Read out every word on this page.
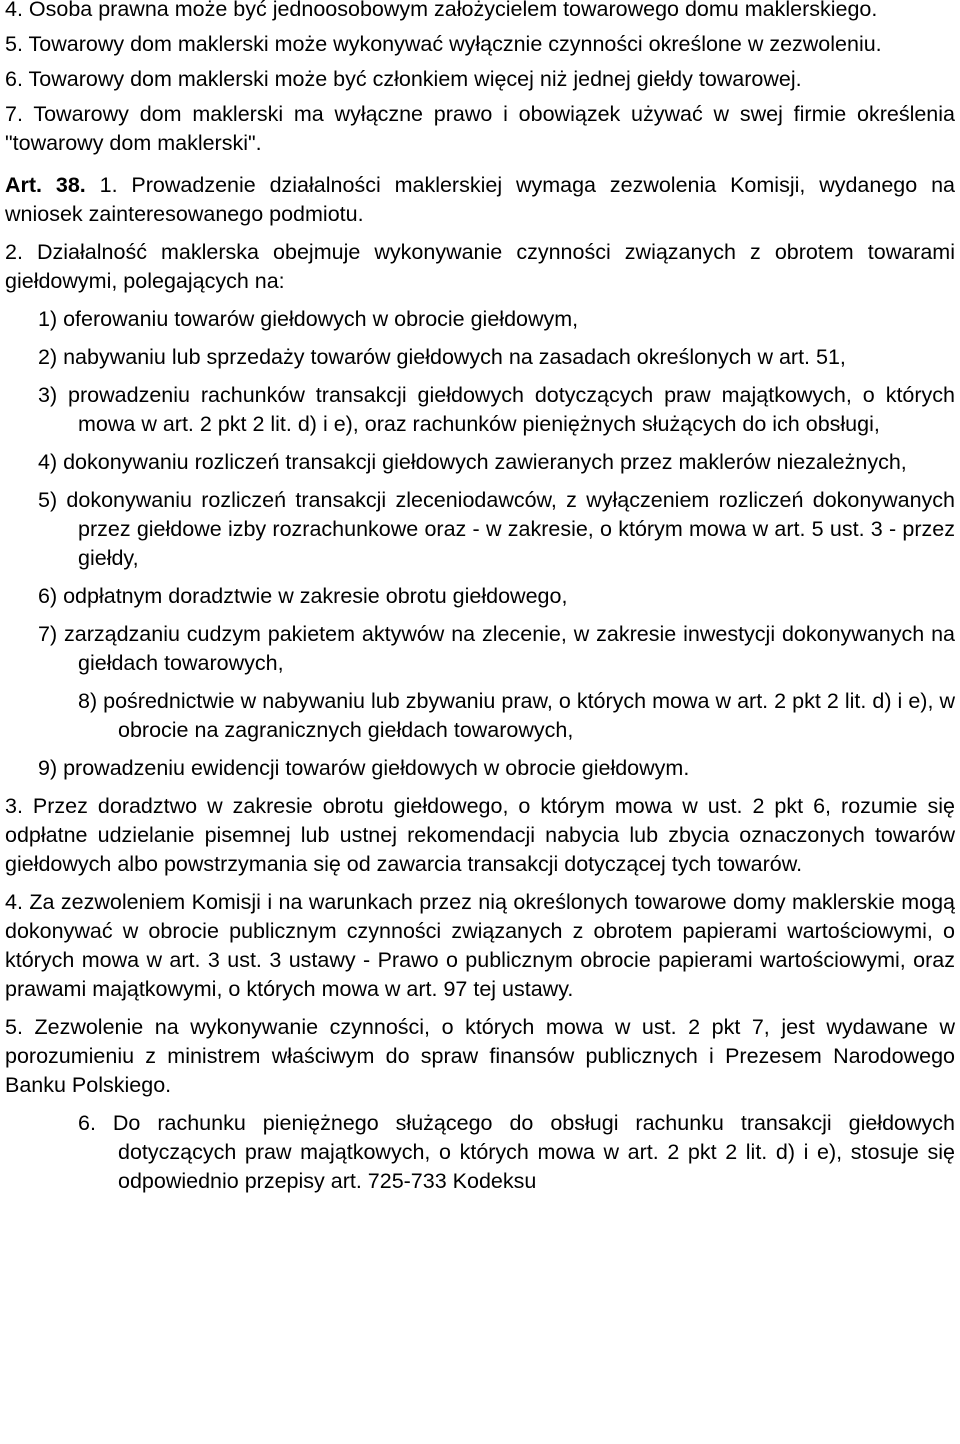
4. Osoba prawna może być jednoosobowym założycielem towarowego domu maklerskiego.

5. Towarowy dom maklerski może wykonywać wyłącznie czynności określone w zezwoleniu.

6. Towarowy dom maklerski może być członkiem więcej niż jednej giełdy towarowej.

7. Towarowy dom maklerski ma wyłączne prawo i obowiązek używać w swej firmie określenia "towarowy dom maklerski".

Art. 38. 1. Prowadzenie działalności maklerskiej wymaga zezwolenia Komisji, wydanego na wniosek zainteresowanego podmiotu.

2. Działalność maklerska obejmuje wykonywanie czynności związanych z obrotem towarami giełdowymi, polegających na:

1) oferowaniu towarów giełdowych w obrocie giełdowym,

2) nabywaniu lub sprzedaży towarów giełdowych na zasadach określonych w art. 51,

3) prowadzeniu rachunków transakcji giełdowych dotyczących praw majątkowych, o których mowa w art. 2 pkt 2 lit. d) i e), oraz rachunków pieniężnych służących do ich obsługi,

4) dokonywaniu rozliczeń transakcji giełdowych zawieranych przez maklerów niezależnych,

5) dokonywaniu rozliczeń transakcji zleceniodawców, z wyłączeniem rozliczeń dokonywanych przez giełdowe izby rozrachunkowe oraz - w zakresie, o którym mowa w art. 5 ust. 3 - przez giełdy,

6) odpłatnym doradztwie w zakresie obrotu giełdowego,

7) zarządzaniu cudzym pakietem aktywów na zlecenie, w zakresie inwestycji dokonywanych na giełdach towarowych,

8) pośrednictwie w nabywaniu lub zbywaniu praw, o których mowa w art. 2 pkt 2 lit. d) i e), w obrocie na zagranicznych giełdach towarowych,

9) prowadzeniu ewidencji towarów giełdowych w obrocie giełdowym.

3. Przez doradztwo w zakresie obrotu giełdowego, o którym mowa w ust. 2 pkt 6, rozumie się odpłatne udzielanie pisemnej lub ustnej rekomendacji nabycia lub zbycia oznaczonych towarów giełdowych albo powstrzymania się od zawarcia transakcji dotyczącej tych towarów.

4. Za zezwoleniem Komisji i na warunkach przez nią określonych towarowe domy maklerskie mogą dokonywać w obrocie publicznym czynności związanych z obrotem papierami wartościowymi, o których mowa w art. 3 ust. 3 ustawy - Prawo o publicznym obrocie papierami wartościowymi, oraz prawami majątkowymi, o których mowa w art. 97 tej ustawy.

5. Zezwolenie na wykonywanie czynności, o których mowa w ust. 2 pkt 7, jest wydawane w porozumieniu z ministrem właściwym do spraw finansów publicznych i Prezesem Narodowego Banku Polskiego.

6. Do rachunku pieniężnego służącego do obsługi rachunku transakcji giełdowych dotyczących praw majątkowych, o których mowa w art. 2 pkt 2 lit. d) i e), stosuje się odpowiednio przepisy art. 725-733 Kodeksu
